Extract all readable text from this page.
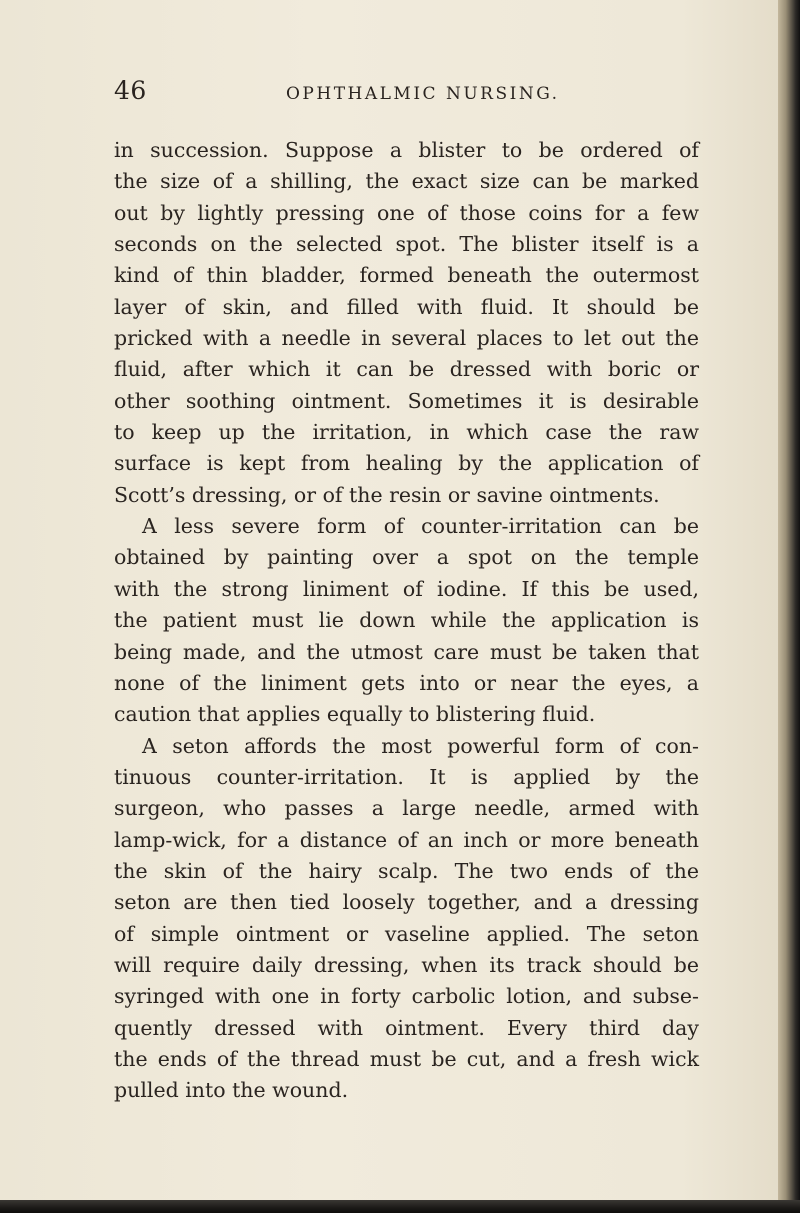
46	OPHTHALMIC NURSING.
in succession. Suppose a blister to be ordered of
the size of a shilling, the exact size can be marked
out by lightly pressing one of those coins for a few
seconds on the selected spot. The blister itself is a
kind of thin bladder, formed beneath the outermost
layer of skin, and filled with fluid. It should be
pricked with a needle in several places to let out the
fluid, after which it can be dressed with boric or
other soothing ointment. Sometimes it is desirable
to keep up the irritation, in which case the raw
surface is kept from healing by the application of
Scott’s dressing, or of the resin or savine ointments.
A less severe form of counter-irritation can be
obtained by painting over a spot on the temple
with the strong liniment of iodine. If this be used,
the patient must lie down while the application is
being made, and the utmost care must be taken that
none of the liniment gets into or near the eyes, a
caution that applies equally to blistering fluid.
A seton affords the most powerful form of con-
tinuous counter-irritation. It is applied by the
surgeon, who passes a large needle, armed with
lamp-wick, for a distance of an inch or more beneath
the skin of the hairy scalp. The two ends of the
seton are then tied loosely together, and a dressing
of simple ointment or vaseline applied. The seton
will require daily dressing, when its track should be
syringed with one in forty carbolic lotion, and subse-
quently dressed with ointment. Every third day
the ends of the thread must be cut, and a fresh wick
pulled into the wound.
